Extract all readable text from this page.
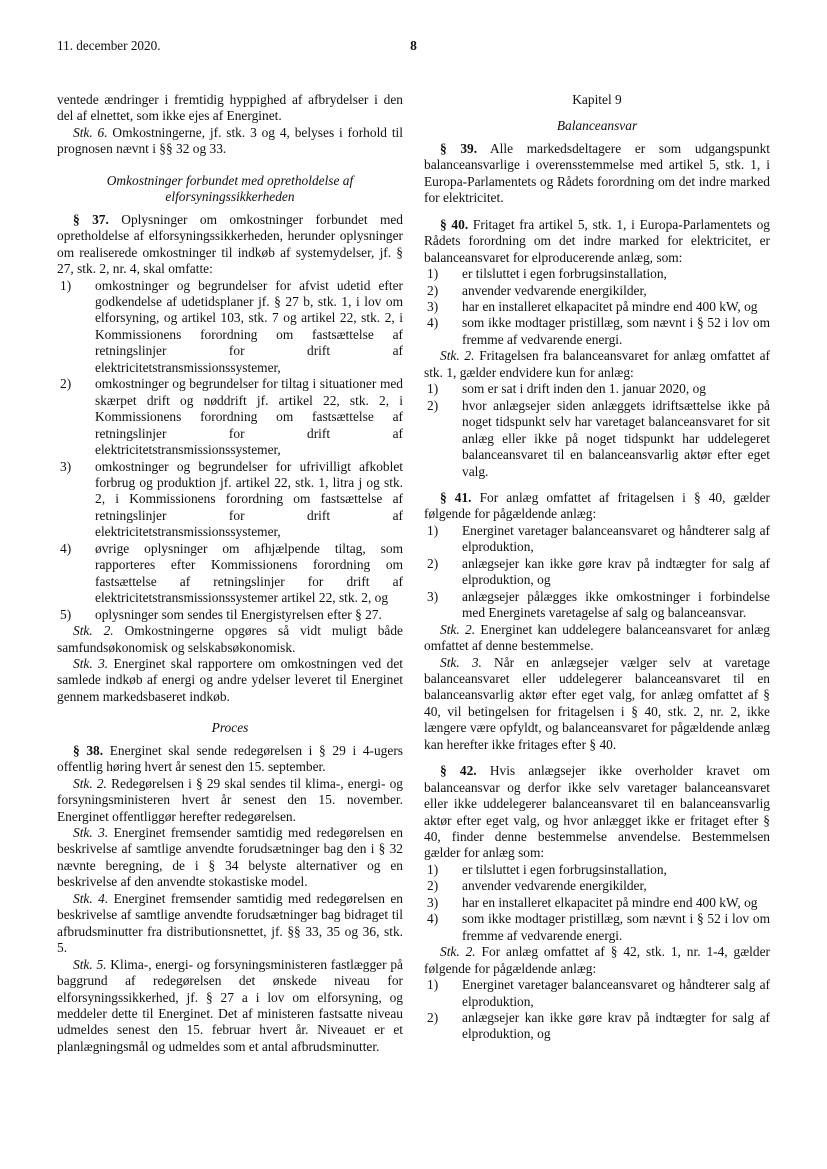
11. december 2020.	8

ventede ændringer i fremtidig hyppighed af afbrydelser i den del af elnettet, som ikke ejes af Energinet.

Stk. 6. Omkostningerne, jf. stk. 3 og 4, belyses i forhold til prognosen nævnt i §§ 32 og 33.

Omkostninger forbundet med opretholdelse af

elforsyningssikkerheden

§ 37. Oplysninger om omkostninger forbundet med opretholdelse af elforsyningssikkerheden, herunder oplysninger om realiserede omkostninger til indkøb af systemydelser, jf. § 27, stk. 2, nr. 4, skal omfatte:

1)	omkostninger og begrundelser for afvist udetid efter godkendelse af udetidsplaner jf. § 27 b, stk. 1, i lov om elforsyning, og artikel 103, stk. 7 og artikel 22, stk. 2, i Kommissionens forordning om fastsættelse af retningslinjer for drift af elektricitetstransmissionssystemer,
2)	omkostninger og begrundelser for tiltag i situationer med skærpet drift og nøddrift jf. artikel 22, stk. 2, i Kommissionens forordning om fastsættelse af retningslinjer for drift af elektricitetstransmissionssystemer,
3)	omkostninger og begrundelser for ufrivilligt afkoblet forbrug og produktion jf. artikel 22, stk. 1, litra j og stk. 2, i Kommissionens forordning om fastsættelse af retningslinjer for drift af elektricitetstransmissionssystemer,
4)	øvrige oplysninger om afhjælpende tiltag, som rapporteres efter Kommissionens forordning om fastsættelse af retningslinjer for drift af elektricitetstransmissionssystemer artikel 22, stk. 2, og
5)	oplysninger som sendes til Energistyrelsen efter § 27.

Stk. 2. Omkostningerne opgøres så vidt muligt både samfundsøkonomisk og selskabsøkonomisk.

Stk. 3. Energinet skal rapportere om omkostningen ved det samlede indkøb af energi og andre ydelser leveret til Energinet gennem markedsbaseret indkøb.

Proces

§ 38. Energinet skal sende redegørelsen i § 29 i 4-ugers offentlig høring hvert år senest den 15. september.

Stk. 2. Redegørelsen i § 29 skal sendes til klima-, energi- og forsyningsministeren hvert år senest den 15. november. Energinet offentliggør herefter redegørelsen.

Stk. 3. Energinet fremsender samtidig med redegørelsen en beskrivelse af samtlige anvendte forudsætninger bag den i § 32 nævnte beregning, de i § 34 belyste alternativer og en beskrivelse af den anvendte stokastiske model.

Stk. 4. Energinet fremsender samtidig med redegørelsen en beskrivelse af samtlige anvendte forudsætninger bag bidraget til afbrudsminutter fra distributionsnettet, jf. §§ 33, 35 og 36, stk. 5.

Stk. 5. Klima-, energi- og forsyningsministeren fastlægger på baggrund af redegørelsen det ønskede niveau for elforsyningssikkerhed, jf. § 27 a i lov om elforsyning, og meddeler dette til Energinet. Det af ministeren fastsatte niveau udmeldes senest den 15. februar hvert år. Niveauet er et planlægningsmål og udmeldes som et antal afbrudsminutter.

Kapitel 9

Balanceansvar

§ 39. Alle markedsdeltagere er som udgangspunkt balanceansvarlige i overensstemmelse med artikel 5, stk. 1, i Europa-Parlamentets og Rådets forordning om det indre marked for elektricitet.

§ 40. Fritaget fra artikel 5, stk. 1, i Europa-Parlamentets og Rådets forordning om det indre marked for elektricitet, er balanceansvaret for elproducerende anlæg, som:

1)	er tilsluttet i egen forbrugsinstallation,
2)	anvender vedvarende energikilder,
3)	har en installeret elkapacitet på mindre end 400 kW, og
4)	som ikke modtager pristillæg, som nævnt i § 52 i lov om fremme af vedvarende energi.

Stk. 2. Fritagelsen fra balanceansvaret for anlæg omfattet af stk. 1, gælder endvidere kun for anlæg:

1)	som er sat i drift inden den 1. januar 2020, og
2)	hvor anlægsejer siden anlæggets idriftsættelse ikke på noget tidspunkt selv har varetaget balanceansvaret for sit anlæg eller ikke på noget tidspunkt har uddelegeret balanceansvaret til en balanceansvarlig aktør efter eget valg.

§ 41. For anlæg omfattet af fritagelsen i § 40, gælder følgende for pågældende anlæg:

1)	Energinet varetager balanceansvaret og håndterer salg af elproduktion,
2)	anlægsejer kan ikke gøre krav på indtægter for salg af elproduktion, og
3)	anlægsejer pålægges ikke omkostninger i forbindelse med Energinets varetagelse af salg og balanceansvar.

Stk. 2. Energinet kan uddelegere balanceansvaret for anlæg omfattet af denne bestemmelse.

Stk. 3. Når en anlægsejer vælger selv at varetage balanceansvaret eller uddelegerer balanceansvaret til en balanceansvarlig aktør efter eget valg, for anlæg omfattet af § 40, vil betingelsen for fritagelsen i § 40, stk. 2, nr. 2, ikke længere være opfyldt, og balanceansvaret for pågældende anlæg kan herefter ikke fritages efter § 40.

§ 42. Hvis anlægsejer ikke overholder kravet om balanceansvar og derfor ikke selv varetager balanceansvaret eller ikke uddelegerer balanceansvaret til en balanceansvarlig aktør efter eget valg, og hvor anlægget ikke er fritaget efter § 40, finder denne bestemmelse anvendelse. Bestemmelsen gælder for anlæg som:

1)	er tilsluttet i egen forbrugsinstallation,
2)	anvender vedvarende energikilder,
3)	har en installeret elkapacitet på mindre end 400 kW, og
4)	som ikke modtager pristillæg, som nævnt i § 52 i lov om fremme af vedvarende energi.

Stk. 2. For anlæg omfattet af § 42, stk. 1, nr. 1-4, gælder følgende for pågældende anlæg:

1)	Energinet varetager balanceansvaret og håndterer salg af elproduktion,
2)	anlægsejer kan ikke gøre krav på indtægter for salg af elproduktion, og
